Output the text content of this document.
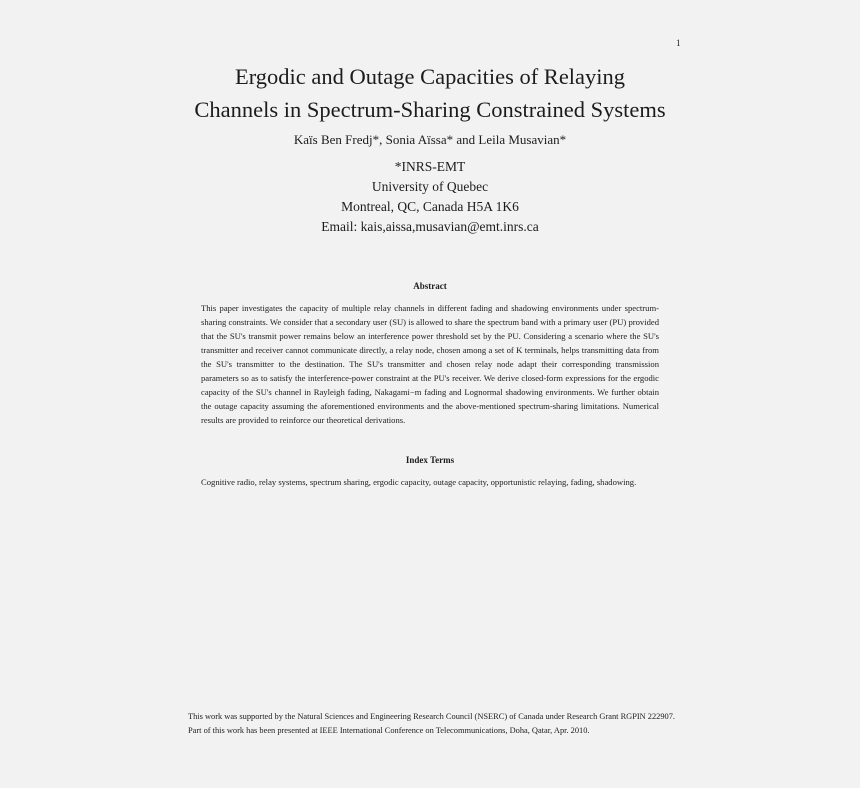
1
Ergodic and Outage Capacities of Relaying
Channels in Spectrum-Sharing Constrained Systems
Kaïs Ben Fredj*, Sonia Aïssa* and Leila Musavian*
*INRS-EMT
University of Quebec
Montreal, QC, Canada H5A 1K6
Email: kais,aissa,musavian@emt.inrs.ca
Abstract
This paper investigates the capacity of multiple relay channels in different fading and shadowing environments under spectrum-sharing constraints. We consider that a secondary user (SU) is allowed to share the spectrum band with a primary user (PU) provided that the SU's transmit power remains below an interference power threshold set by the PU. Considering a scenario where the SU's transmitter and receiver cannot communicate directly, a relay node, chosen among a set of K terminals, helps transmitting data from the SU's transmitter to the destination. The SU's transmitter and chosen relay node adapt their corresponding transmission parameters so as to satisfy the interference-power constraint at the PU's receiver. We derive closed-form expressions for the ergodic capacity of the SU's channel in Rayleigh fading, Nakagami−m fading and Lognormal shadowing environments. We further obtain the outage capacity assuming the aforementioned environments and the above-mentioned spectrum-sharing limitations. Numerical results are provided to reinforce our theoretical derivations.
Index Terms
Cognitive radio, relay systems, spectrum sharing, ergodic capacity, outage capacity, opportunistic relaying, fading, shadowing.

This work was supported by the Natural Sciences and Engineering Research Council (NSERC) of Canada under Research Grant RGPIN 222907.

Part of this work has been presented at IEEE International Conference on Telecommunications, Doha, Qatar, Apr. 2010.
